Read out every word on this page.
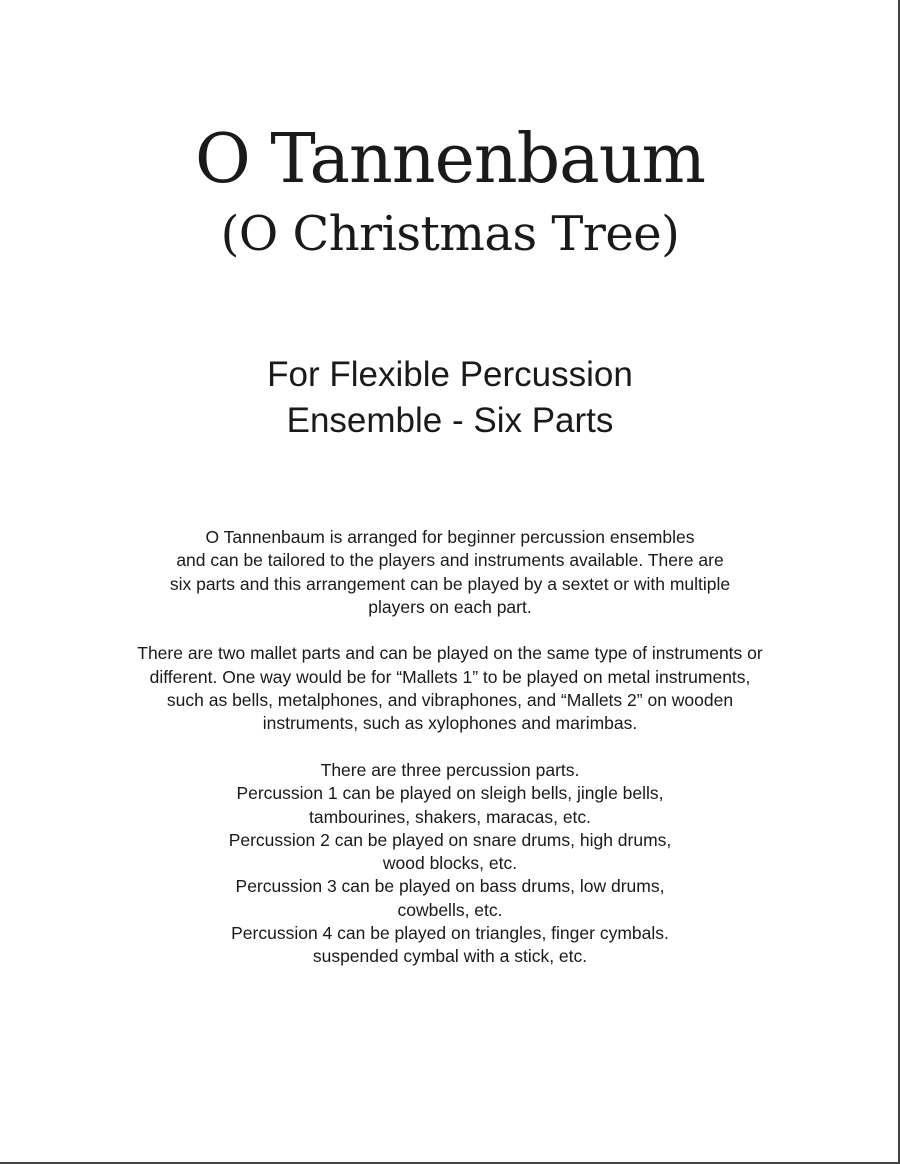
O Tannenbaum
(O Christmas Tree)
For Flexible Percussion
Ensemble - Six Parts
O Tannenbaum is arranged for beginner percussion ensembles
and can be tailored to the players and instruments available. There are
six parts and this arrangement can be played by a sextet or with multiple
players on each part.
There are two mallet parts and can be played on the same type of instruments or
different. One way would be for “Mallets 1” to be played on metal instruments,
such as bells, metalphones, and vibraphones, and “Mallets 2” on wooden
instruments, such as xylophones and marimbas.
There are three percussion parts.
Percussion 1 can be played on sleigh bells, jingle bells,
tambourines, shakers, maracas, etc.
Percussion 2 can be played on snare drums, high drums,
wood blocks, etc.
Percussion 3 can be played on bass drums, low drums,
cowbells, etc.
Percussion 4 can be played on triangles, finger cymbals.
suspended cymbal with a stick, etc.
